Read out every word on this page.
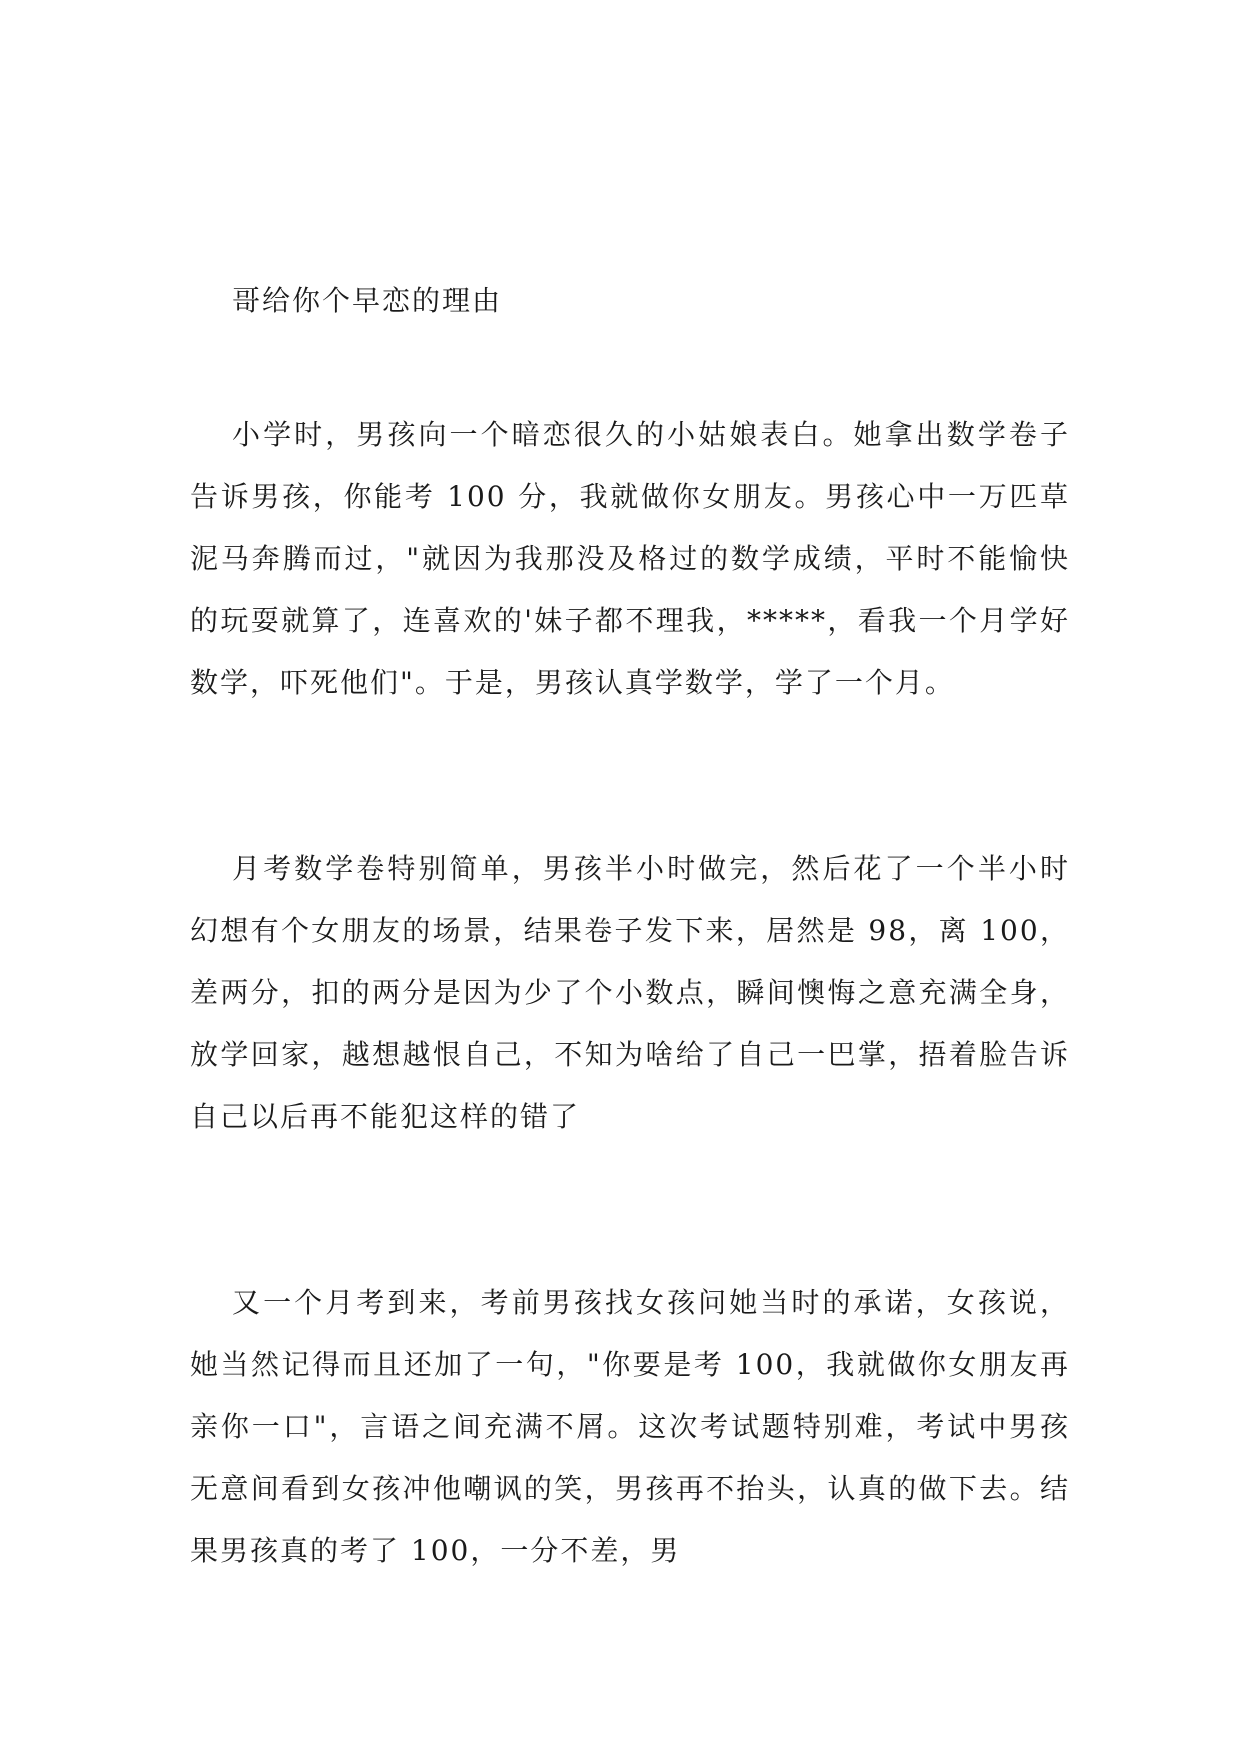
哥给你个早恋的理由

小学时，男孩向一个暗恋很久的小姑娘表白。她拿出数学卷子告诉男孩，你能考 100 分，我就做你女朋友。男孩心中一万匹草泥马奔腾而过，"就因为我那没及格过的数学成绩，平时不能愉快的玩耍就算了，连喜欢的'妹子都不理我，*****，看我一个月学好数学，吓死他们"。于是，男孩认真学数学，学了一个月。

月考数学卷特别简单，男孩半小时做完，然后花了一个半小时幻想有个女朋友的场景，结果卷子发下来，居然是 98，离 100，差两分，扣的两分是因为少了个小数点，瞬间懊悔之意充满全身，放学回家，越想越恨自己，不知为啥给了自己一巴掌，捂着脸告诉自己以后再不能犯这样的错了

又一个月考到来，考前男孩找女孩问她当时的承诺，女孩说，她当然记得而且还加了一句，"你要是考 100，我就做你女朋友再亲你一口"，言语之间充满不屑。这次考试题特别难，考试中男孩无意间看到女孩冲他嘲讽的笑，男孩再不抬头，认真的做下去。结果男孩真的考了 100，一分不差，男
